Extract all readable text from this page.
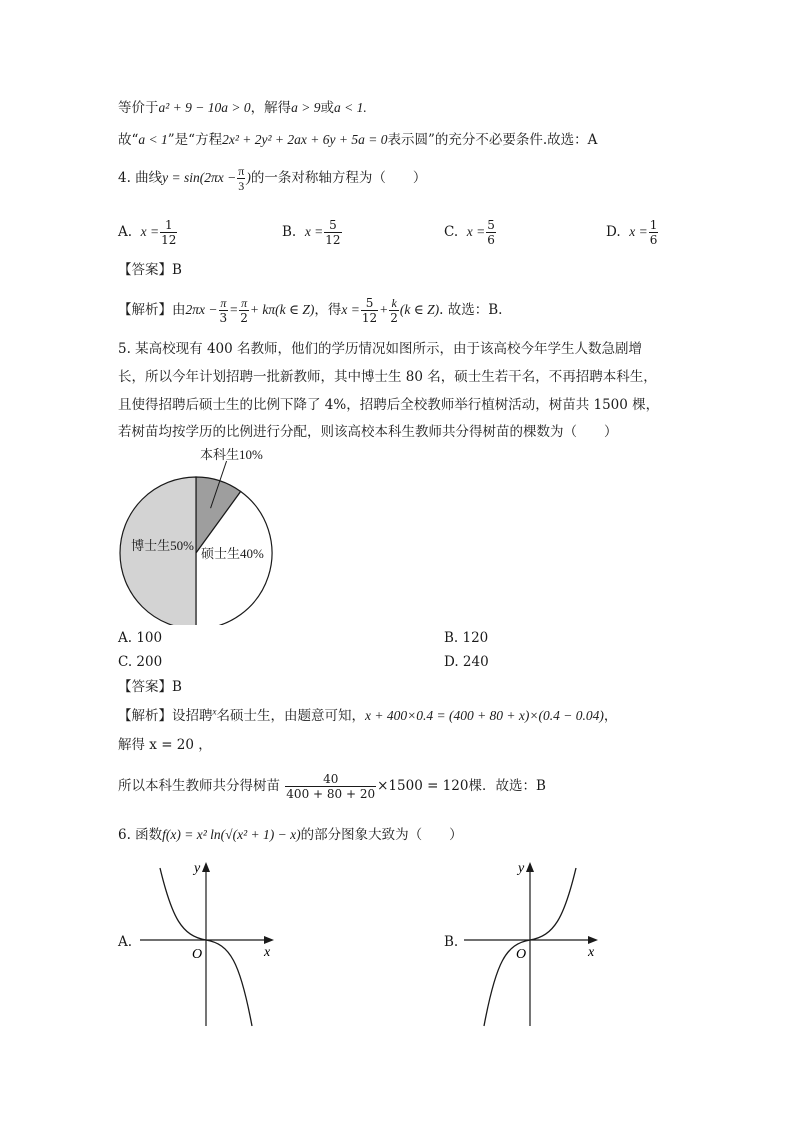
等价于a² + 9 − 10a > 0，解得a > 9或a < 1.
故“a < 1”是“方程2x² + 2y² + 2ax + 6y + 5a = 0表示圆”的充分不必要条件.故选：A
4. 曲线$y = \sin(2\pi x - \frac{\pi}{3}$ )的一条对称轴方程为（　　）
A. $x = \frac{1}{12}$	B. $x = \frac{5}{12}$	C. $x = \frac{5}{6}$	D. $x = \frac{1}{6}$
【答案】B
【解析】由$2\pi x - \frac{\pi}{3} = \frac{\pi}{2} + k\pi(k$ ∈ Z)，得$x = \frac{5}{12} + \frac{k}{2} (k$ ∈ Z). 故选：B.
5. 某高校现有 400 名教师，他们的学历情况如图所示，由于该高校今年学生人数急剧增
长，所以今年计划招聘一批新教师，其中博士生 80 名，硕士生若干名，不再招聘本科生，
且使得招聘后硕士生的比例下降了 4%，招聘后全校教师举行植树活动，树苗共 1500 棵，
若树苗均按学历的比例进行分配，则该高校本科生教师共分得树苗的棵数为（　　）
本科生10%
硕士生40%
博士生50%
A. 100	B. 120
C. 200	D. 240
【答案】B
【解析】设招聘$^x$名硕士生，由题意可知，x + 400×0.4 = (400 + 80 + x)×(0.4 − 0.04)，
解得 x = 20 ，
所以本科生教师共分得树苗 $\frac{40}{400 + 80 + 20} \times 1500 = 120$棵．故选：B
6. 函数f(x) = x² ln(√(x² + 1) − x)的部分图象大致为（　　）
A.
y
x
O
B.
y
x
O
